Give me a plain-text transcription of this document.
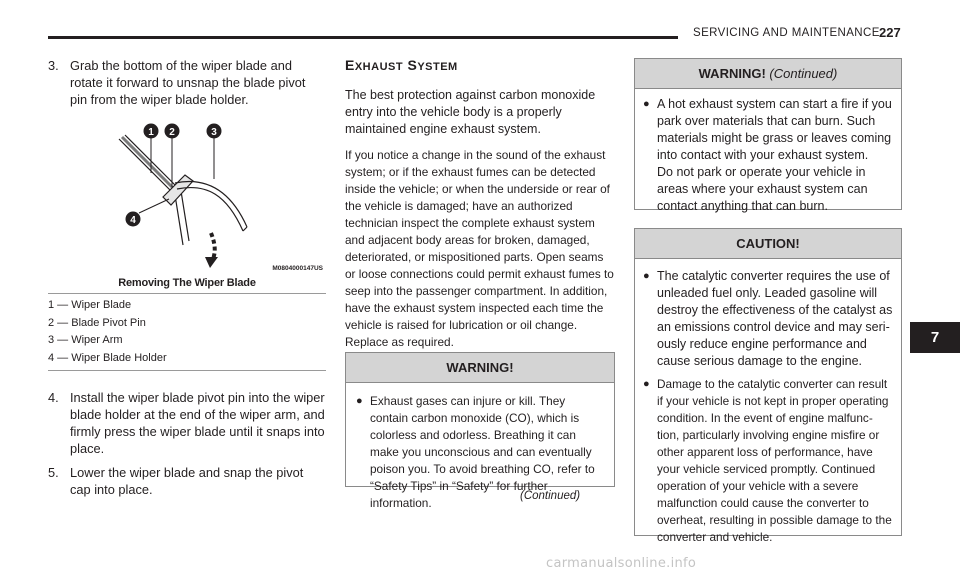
SERVICING AND MAINTENANCE 227
3. Grab the bottom of the wiper blade and rotate it forward to unsnap the blade pivot pin from the wiper blade holder.
1 2	3
4
M0804000147US
Removing The Wiper Blade
1 — Wiper Blade
2 — Blade Pivot Pin
3 — Wiper Arm
4 — Wiper Blade Holder
4. Install the wiper blade pivot pin into the wiper blade holder at the end of the wiper arm, and firmly press the wiper blade until it snaps into place.
5. Lower the wiper blade and snap the pivot cap into place.
EXHAUST SYSTEM
The best protection against carbon monoxide entry into the vehicle body is a properly maintained engine exhaust system.
If you notice a change in the sound of the exhaust system; or if the exhaust fumes can be detected inside the vehicle; or when the underside or rear of the vehicle is damaged; have an authorized technician inspect the complete exhaust system and adjacent body areas for broken, damaged, deteriorated, or mispositioned parts. Open seams or loose connections could permit exhaust fumes to seep into the passenger compartment. In addition, have the exhaust system inspected each time the vehicle is raised for lubrication or oil change. Replace as required.
WARNING!
● Exhaust gases can injure or kill. They contain carbon monoxide (CO), which is colorless and odorless. Breathing it can make you unconscious and can eventually poison you. To avoid breathing CO, refer to “Safety Tips” in “Safety” for further information.	(Continued)
WARNING!
(Continued)
● A hot exhaust system can start a fire if you park over materials that can burn. Such materials might be grass or leaves coming into contact with your exhaust system.
Do not park or operate your vehicle in areas where your exhaust system can contact anything that can burn.
CAUTION!
● The catalytic converter requires the use of unleaded fuel only. Leaded gasoline will destroy the effectiveness of the catalyst as an emissions control device and may seri-ously reduce engine performance and cause serious damage to the engine.
● Damage to the catalytic converter can result if your vehicle is not kept in proper operating condition. In the event of engine malfunc-tion, particularly involving engine misfire or other apparent loss of performance, have your vehicle serviced promptly. Continued operation of your vehicle with a severe malfunction could cause the converter to overheat, resulting in possible damage to the converter and vehicle.
7
carmanualsonline.info
